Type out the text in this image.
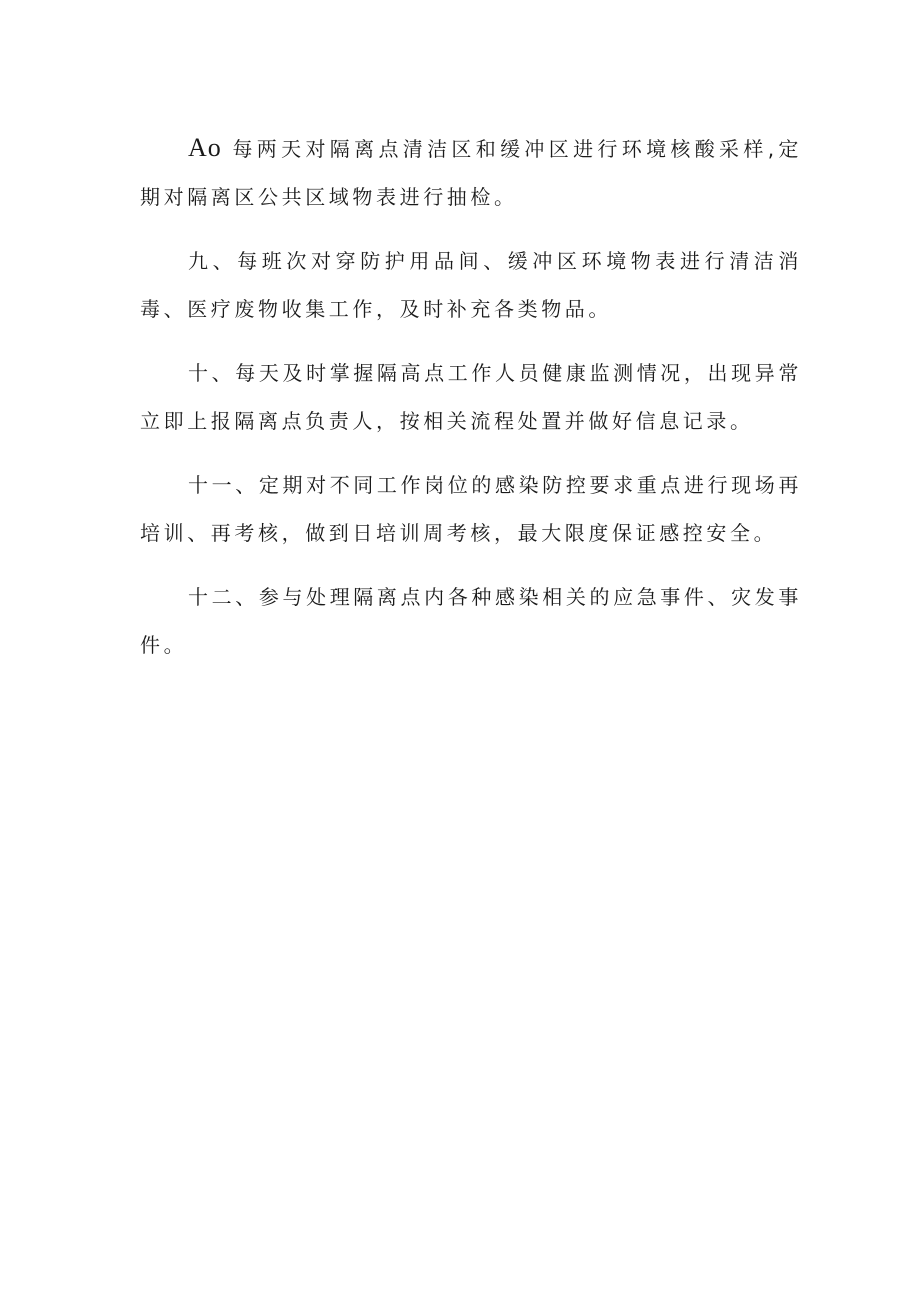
Ao 每两天对隔离点清洁区和缓冲区进行环境核酸采样,定期对隔离区公共区域物表进行抽检。

九、每班次对穿防护用品间、缓冲区环境物表进行清洁消毒、医疗废物收集工作，及时补充各类物品。

十、每天及时掌握隔高点工作人员健康监测情况，出现异常立即上报隔离点负责人，按相关流程处置并做好信息记录。

十一、定期对不同工作岗位的感染防控要求重点进行现场再培训、再考核，做到日培训周考核，最大限度保证感控安全。

十二、参与处理隔离点内各种感染相关的应急事件、灾发事件。
